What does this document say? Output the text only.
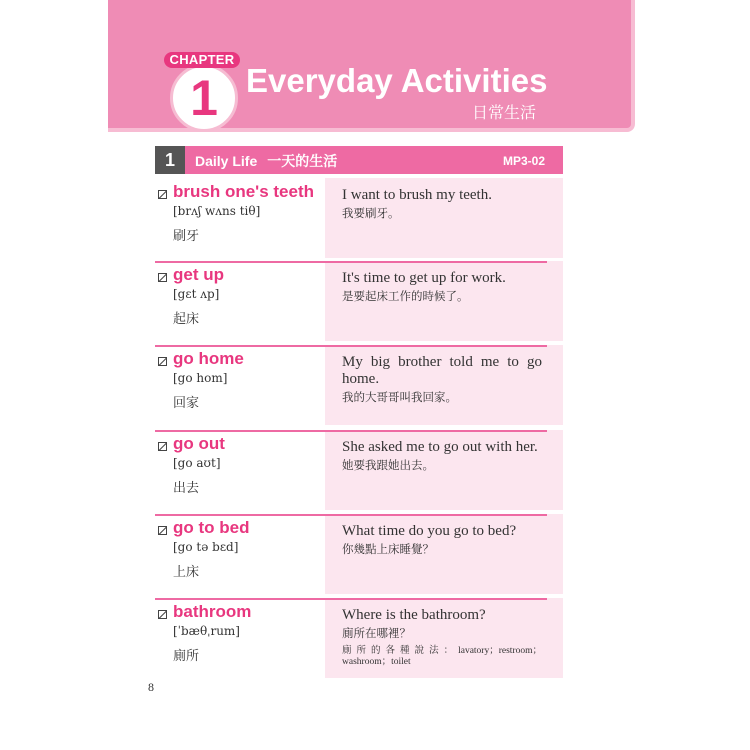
CHAPTER
1 Everyday Activities
日常生活
1	Daily Life 一天的生活	MP3-02
brush one's teeth
[brʌʃ wʌns tiθ]
刷牙
I want to brush my teeth.
我要刷牙。
get up
[gɛt ʌp]
起床
It's time to get up for work.
是要起床工作的時候了。
go home
[go hom]
回家
My big brother told me to go home.
我的大哥哥叫我回家。
go out
[go aʊt]
出去
She asked me to go out with her.
她要我跟她出去。
go to bed
[go tə bɛd]
上床
What time do you go to bed?
你幾點上床睡覺？
bathroom
[ˈbæθˌrum]
廁所
Where is the bathroom?
廁所在哪裡？
廁所的各種說法：lavatory；restroom；washroom；toilet
8
